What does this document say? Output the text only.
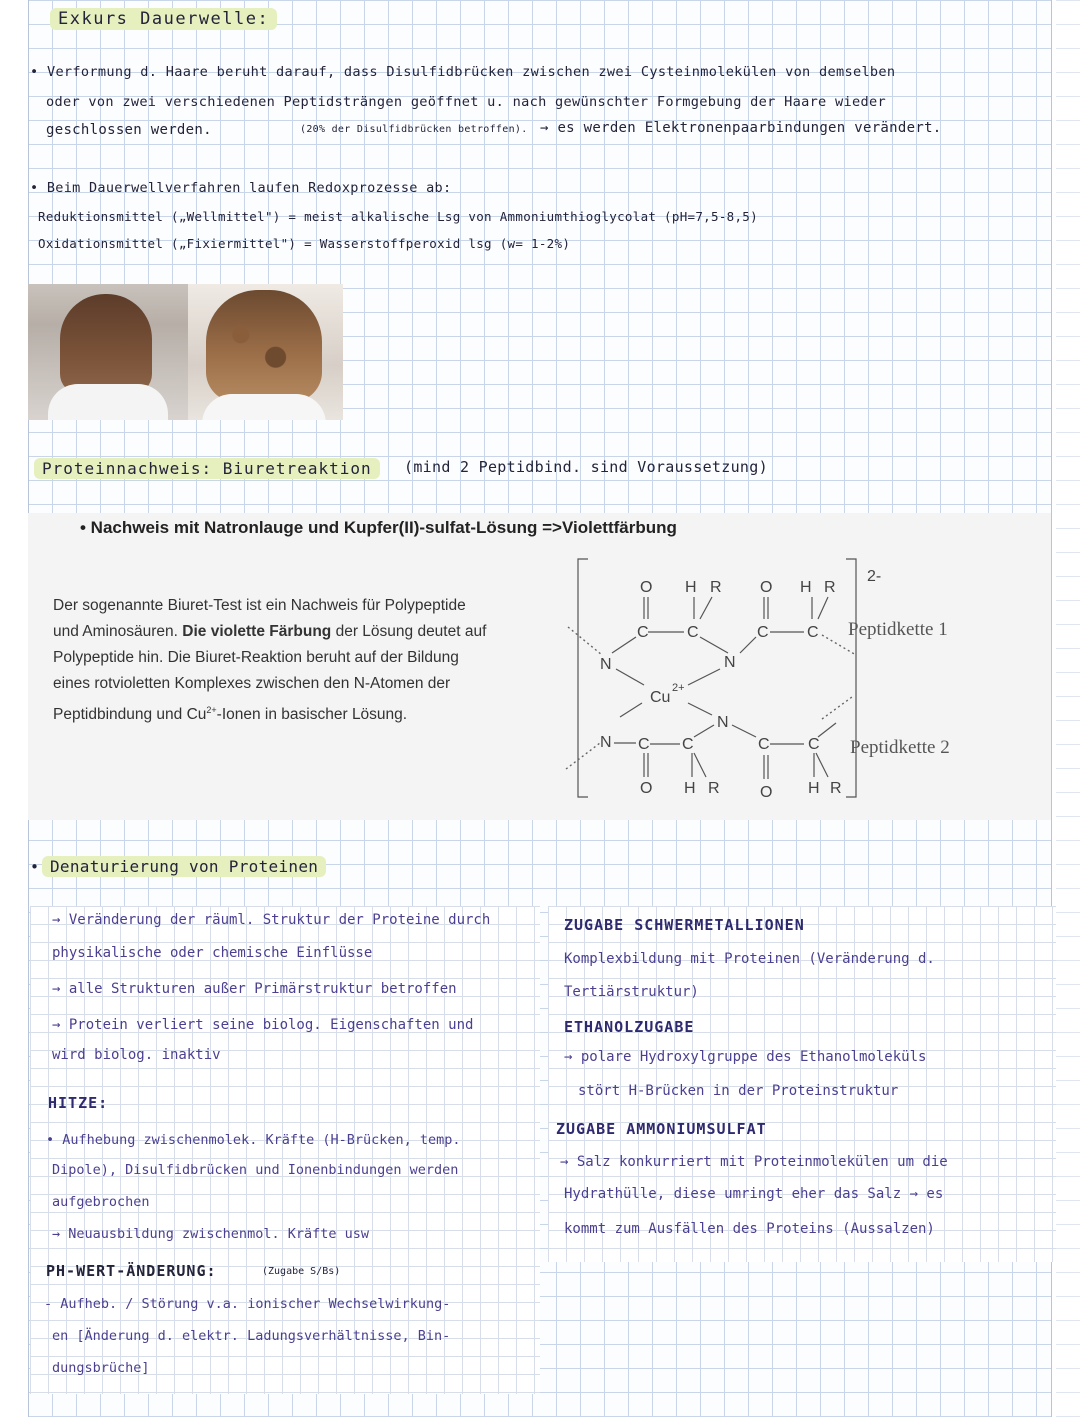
Exkurs Dauerwelle:
• Verformung d. Haare beruht darauf, dass Disulfidbrücken zwischen zwei Cysteinmolekülen von demselben
oder von zwei verschiedenen Peptidsträngen geöffnet u. nach gewünschter Formgebung der Haare wieder
geschlossen werden.	(20% der Disulfidbrücken betroffen). → es werden Elektronenpaarbindungen verändert.
• Beim Dauerwellverfahren laufen Redoxprozesse ab:
Reduktionsmittel („Wellmittel") = meist alkalische Lsg von Ammoniumthioglycolat (pH=7,5-8,5)
Oxidationsmittel („Fixiermittel") = Wasserstoffperoxid lsg (w= 1-2%)
Proteinnachweis: Biuretreaktion	(mind 2 Peptidbind. sind Voraussetzung)
• Nachweis mit Natronlauge und Kupfer(II)-sulfat-Lösung =>Violettfärbung
Der sogenannte Biuret-Test ist ein Nachweis für Polypeptide
und Aminosäuren. Die violette Färbung der Lösung deutet auf
Polypeptide hin. Die Biuret-Reaktion beruht auf der Bildung
eines rotvioletten Komplexes zwischen den N-Atomen der
Peptidbindung und $Cu^{2+}$-Ionen in basischer Lösung.
O H R O H R
C C	C C
N	N
Cu
N
N C C	C C
O H R	O H R
2+
2-
Peptidkette 1
Peptidkette 2
• Denaturierung von Proteinen
→ Veränderung der räuml. Struktur der Proteine durch
physikalische oder chemische Einflüsse
→ alle Strukturen außer Primärstruktur betroffen
→ Protein verliert seine biolog. Eigenschaften und
wird biolog. inaktiv
HITZE:
• Aufhebung zwischenmolek. Kräfte (H-Brücken, temp.
Dipole), Disulfidbrücken und Ionenbindungen werden
aufgebrochen
→ Neuausbildung zwischenmol. Kräfte usw
PH-WERT-ÄNDERUNG:	(Zugabe S/Bs)
- Aufheb. / Störung v.a. ionischer Wechselwirkung-
en [Änderung d. elektr. Ladungsverhältnisse, Bin-
dungsbrüche]
ZUGABE SCHWERMETALLIONEN
Komplexbildung mit Proteinen (Veränderung d.
Tertiärstruktur)
ETHANOLZUGABE
→ polare Hydroxylgruppe des Ethanolmoleküls
stört H-Brücken in der Proteinstruktur
ZUGABE AMMONIUMSULFAT
→ Salz konkurriert mit Proteinmolekülen um die
Hydrathülle, diese umringt eher das Salz → es
kommt zum Ausfällen des Proteins (Aussalzen)
